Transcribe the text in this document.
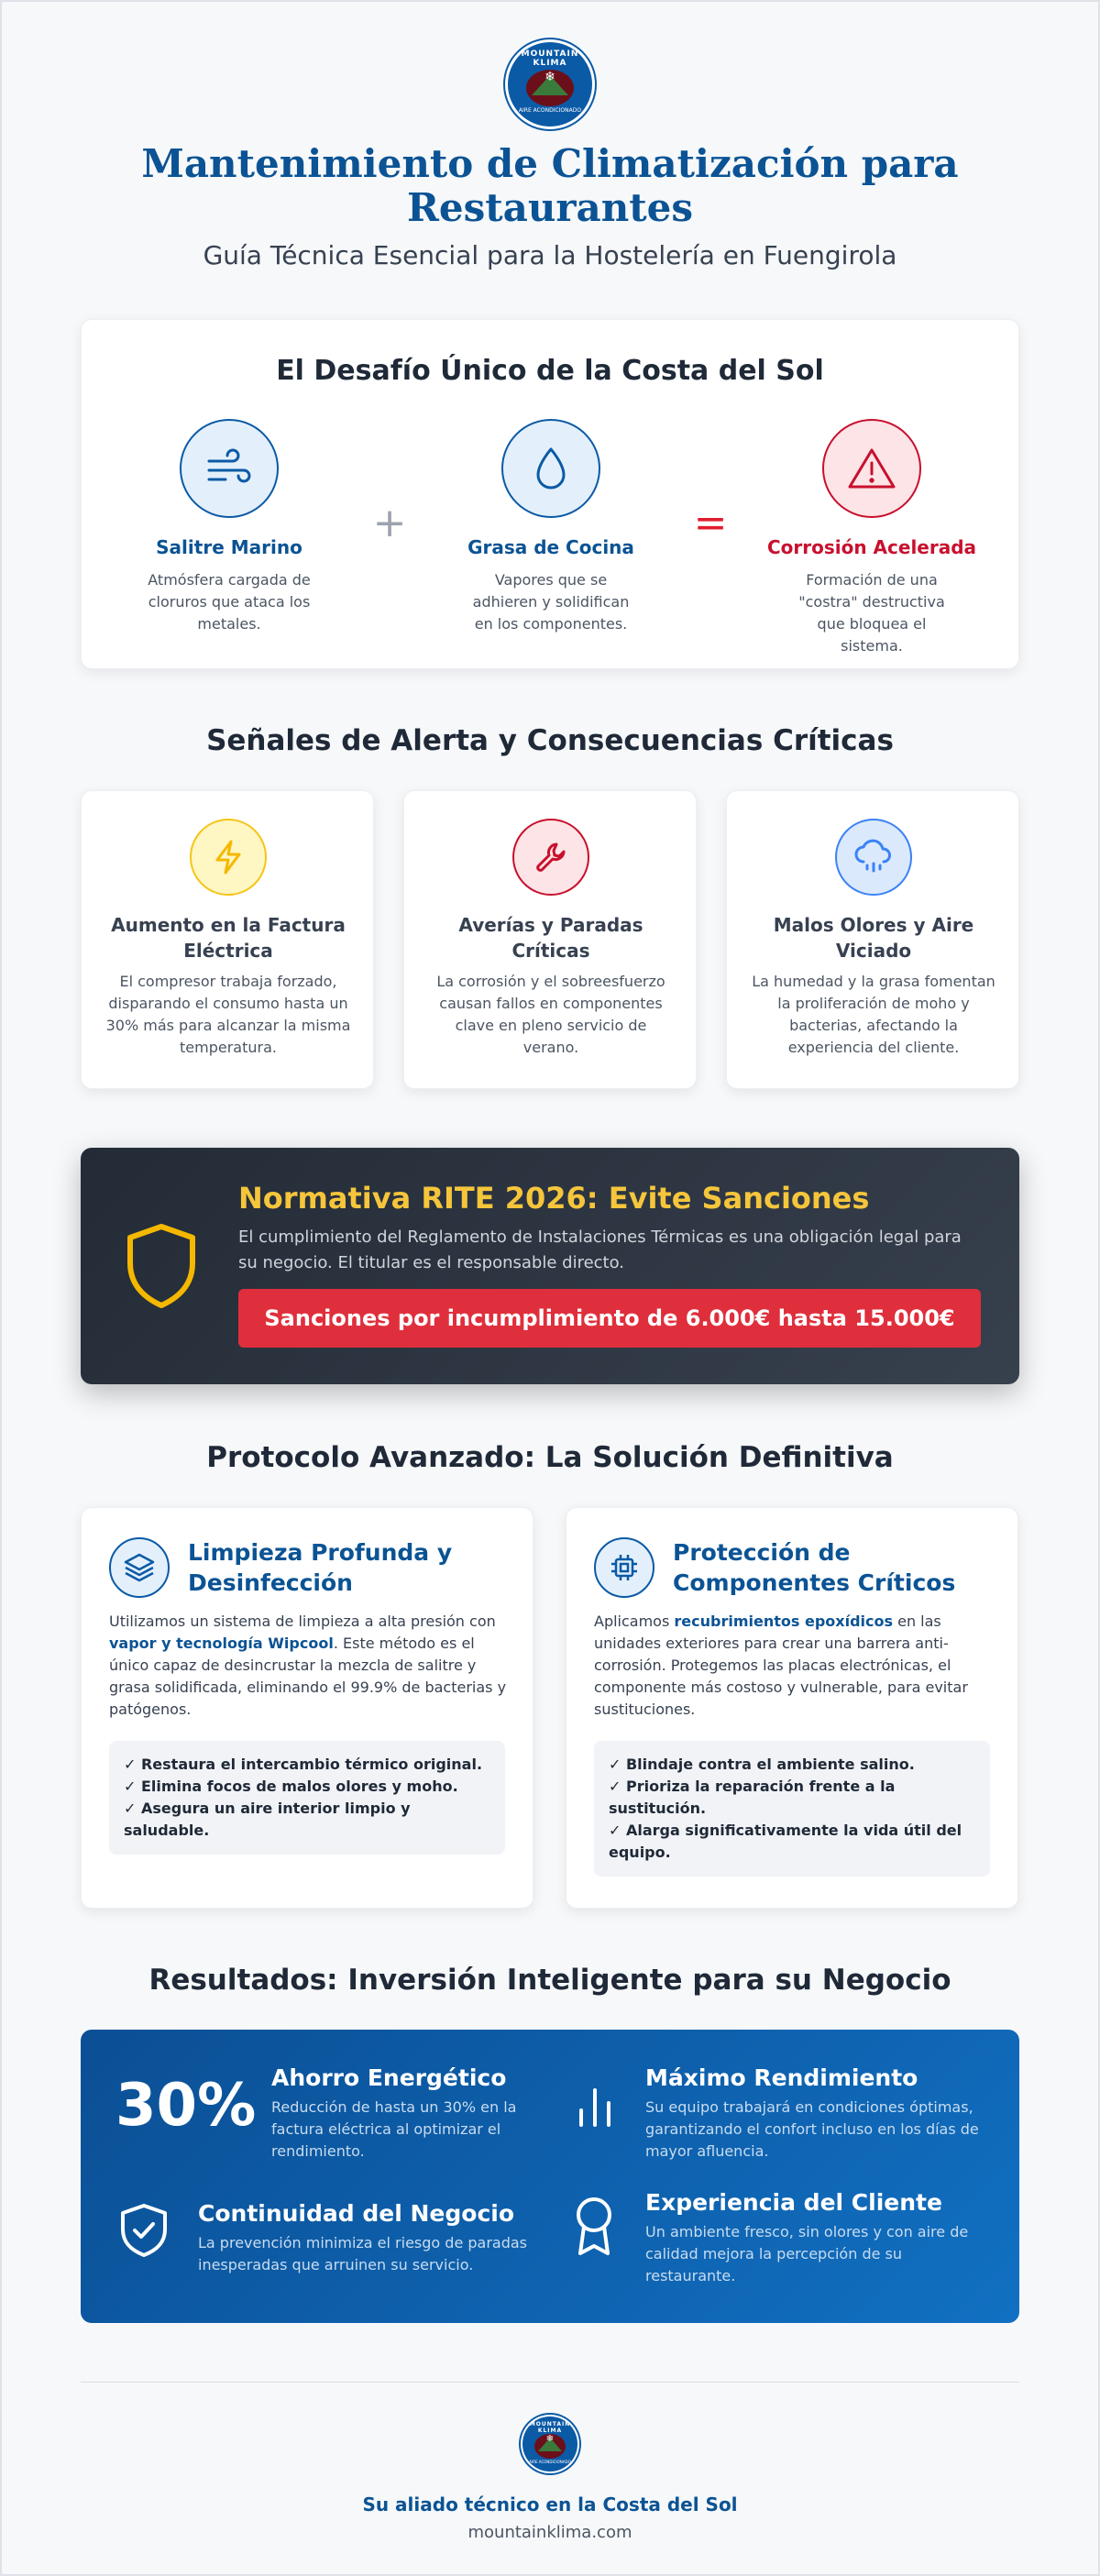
MOUNTAIN KLIMA
❄
AIRE ACONDICIONADO
Mantenimiento de Climatización para Restaurantes
Guía Técnica Esencial para la Hostelería en Fuengirola
El Desafío Único de la Costa del Sol
Salitre Marino
Atmósfera cargada de cloruros que ataca los metales.
+
Grasa de Cocina
Vapores que se adhieren y solidifican en los componentes.
=
Corrosión Acelerada
Formación de una "costra" destructiva que bloquea el sistema.
Señales de Alerta y Consecuencias Críticas
Aumento en la Factura Eléctrica
El compresor trabaja forzado, disparando el consumo hasta un 30% más para alcanzar la misma temperatura.
Averías y Paradas Críticas
La corrosión y el sobreesfuerzo causan fallos en componentes clave en pleno servicio de verano.
Malos Olores y Aire Viciado
La humedad y la grasa fomentan la proliferación de moho y bacterias, afectando la experiencia del cliente.
Normativa RITE 2026: Evite Sanciones

El cumplimiento del Reglamento de Instalaciones Térmicas es una obligación legal para su negocio. El titular es el responsable directo.

Sanciones por incumplimiento de 6.000€ hasta 15.000€
Protocolo Avanzado: La Solución Definitiva
Limpieza Profunda y Desinfección
Utilizamos un sistema de limpieza a alta presión con vapor y tecnología Wipcool. Este método es el único capaz de desincrustar la mezcla de salitre y grasa solidificada, eliminando el 99.9% de bacterias y patógenos.
✓ Restaura el intercambio térmico original.
✓ Elimina focos de malos olores y moho.
✓ Asegura un aire interior limpio y saludable.
Protección de Componentes Críticos
Aplicamos recubrimientos epoxídicos en las unidades exteriores para crear una barrera anti-corrosión. Protegemos las placas electrónicas, el componente más costoso y vulnerable, para evitar sustituciones.
✓ Blindaje contra el ambiente salino.
✓ Prioriza la reparación frente a la sustitución.
✓ Alarga significativamente la vida útil del equipo.
Resultados: Inversión Inteligente para su Negocio
30% Ahorro Energético

Reducción de hasta un 30% en la factura eléctrica al optimizar el rendimiento.

Máximo Rendimiento

Su equipo trabajará en condiciones óptimas, garantizando el confort incluso en los días de mayor afluencia.

Continuidad del Negocio

La prevención minimiza el riesgo de paradas inesperadas que arruinen su servicio.

Experiencia del Cliente

Un ambiente fresco, sin olores y con aire de calidad mejora la percepción de su restaurante.

MOUNTAIN KLIMA
❄
AIRE ACONDICIONADO
Su aliado técnico en la Costa del Sol
mountainklima.com
